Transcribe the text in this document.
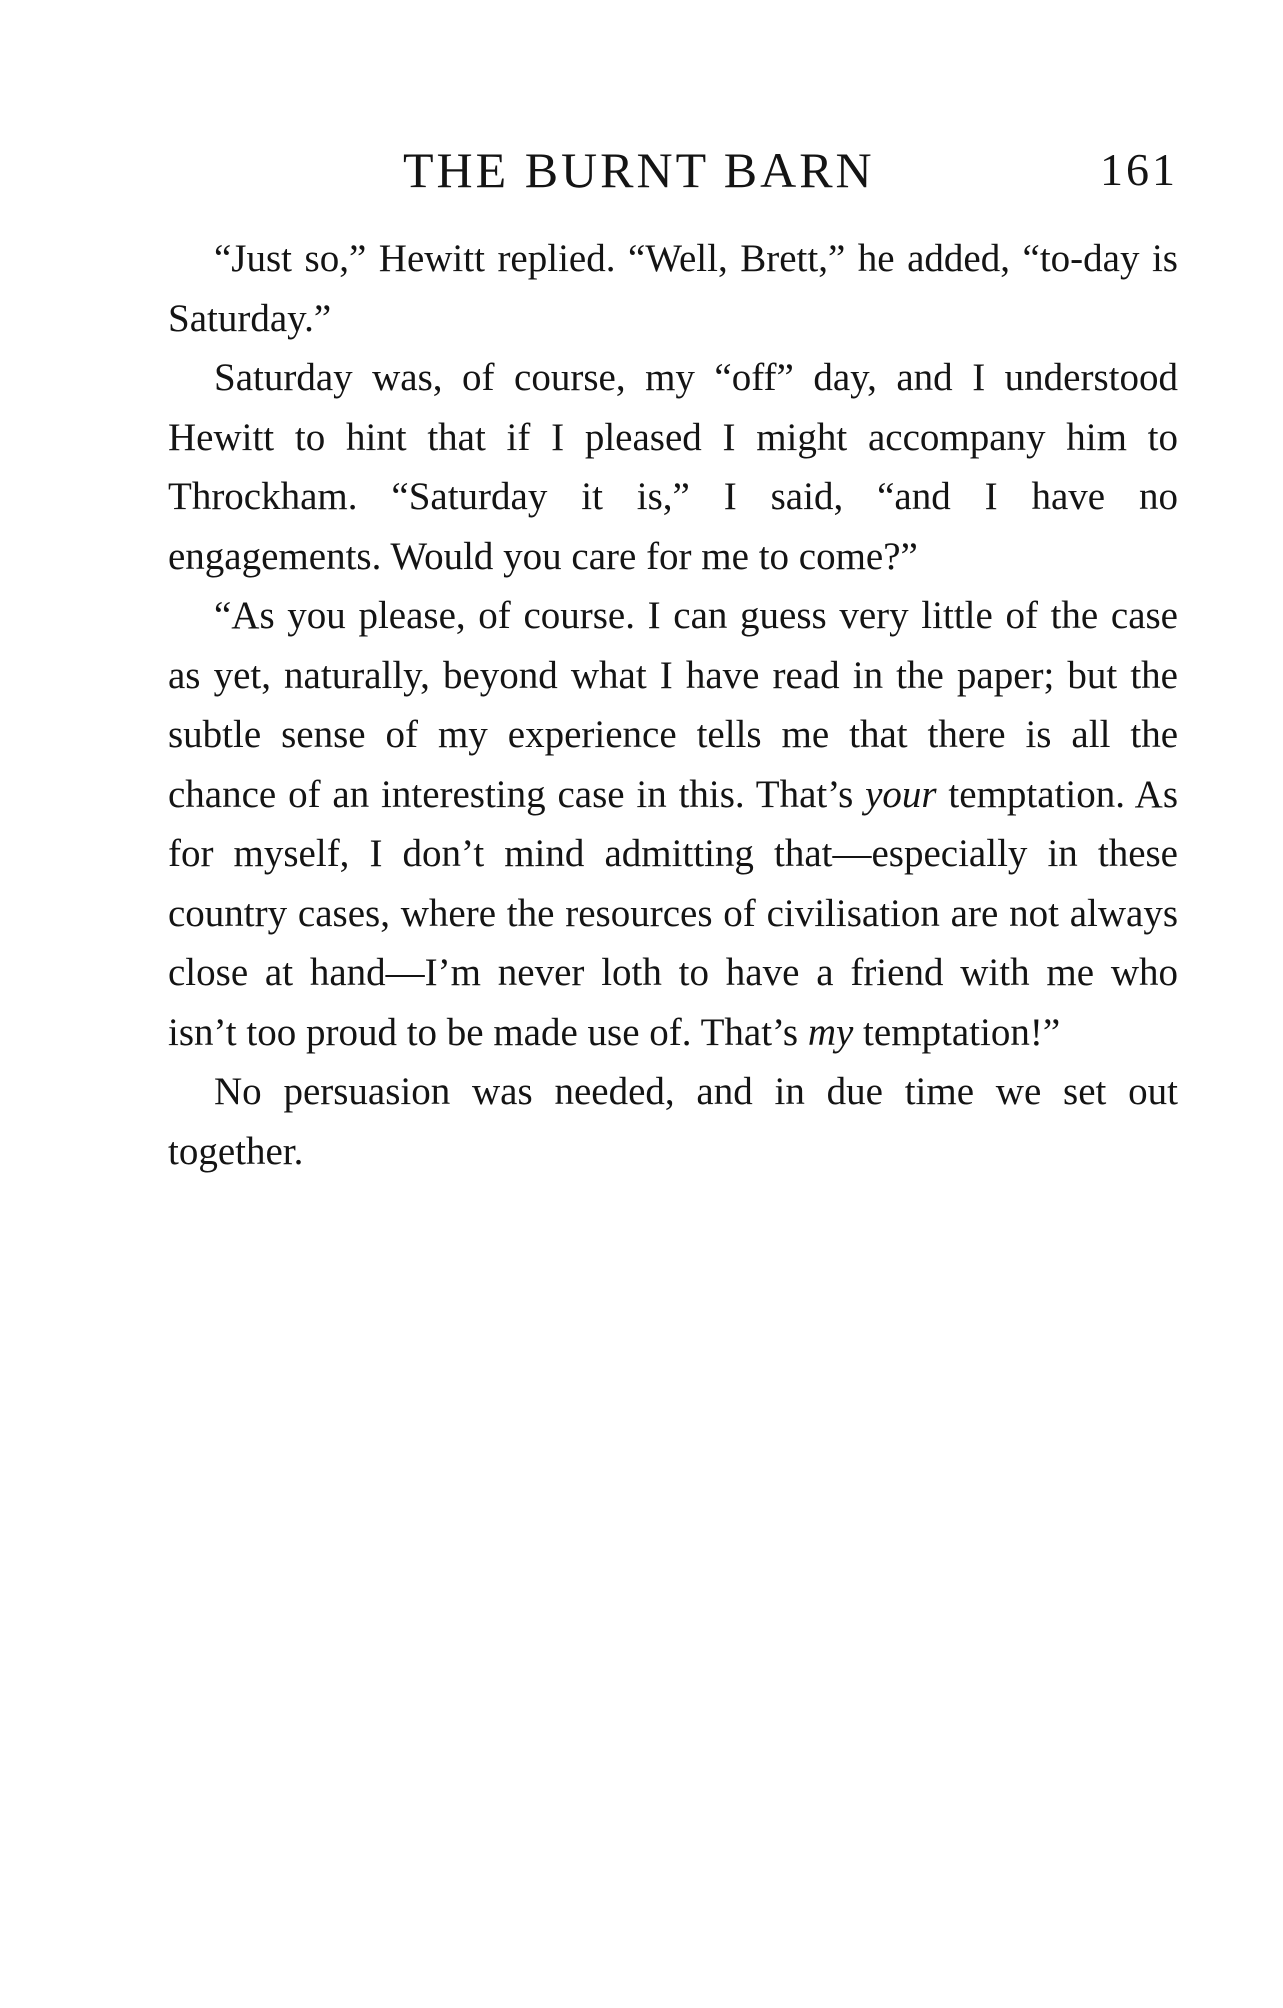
THE BURNT BARN	161

“Just so,” Hewitt replied. “Well, Brett,” he added, “to-day is Saturday.”

Saturday was, of course, my “off” day, and I understood Hewitt to hint that if I pleased I might accompany him to Throckham. “Saturday it is,” I said, “and I have no engagements. Would you care for me to come?”

“As you please, of course. I can guess very little of the case as yet, naturally, beyond what I have read in the paper; but the subtle sense of my experience tells me that there is all the chance of an interesting case in this. That’s your temptation. As for myself, I don’t mind admitting that—especially in these country cases, where the resources of civilisation are not always close at hand—I’m never loth to have a friend with me who isn’t too proud to be made use of. That’s my temptation!”

No persuasion was needed, and in due time we set out together.
